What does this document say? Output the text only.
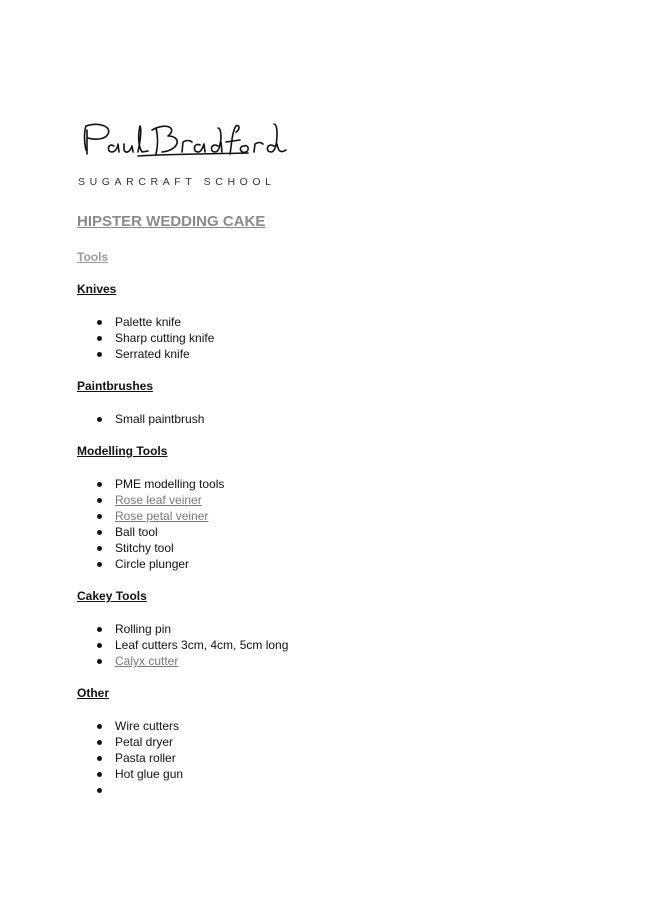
SUGARCRAFT SCHOOL
HIPSTER WEDDING CAKE
Tools
Knives
Palette knife
Sharp cutting knife
Serrated knife
Paintbrushes
Small paintbrush
Modelling Tools
PME modelling tools
Rose leaf veiner
Rose petal veiner
Ball tool
Stitchy tool
Circle plunger
Cakey Tools
Rolling pin
Leaf cutters 3cm, 4cm, 5cm long
Calyx cutter
Other
Wire cutters
Petal dryer
Pasta roller
Hot glue gun
